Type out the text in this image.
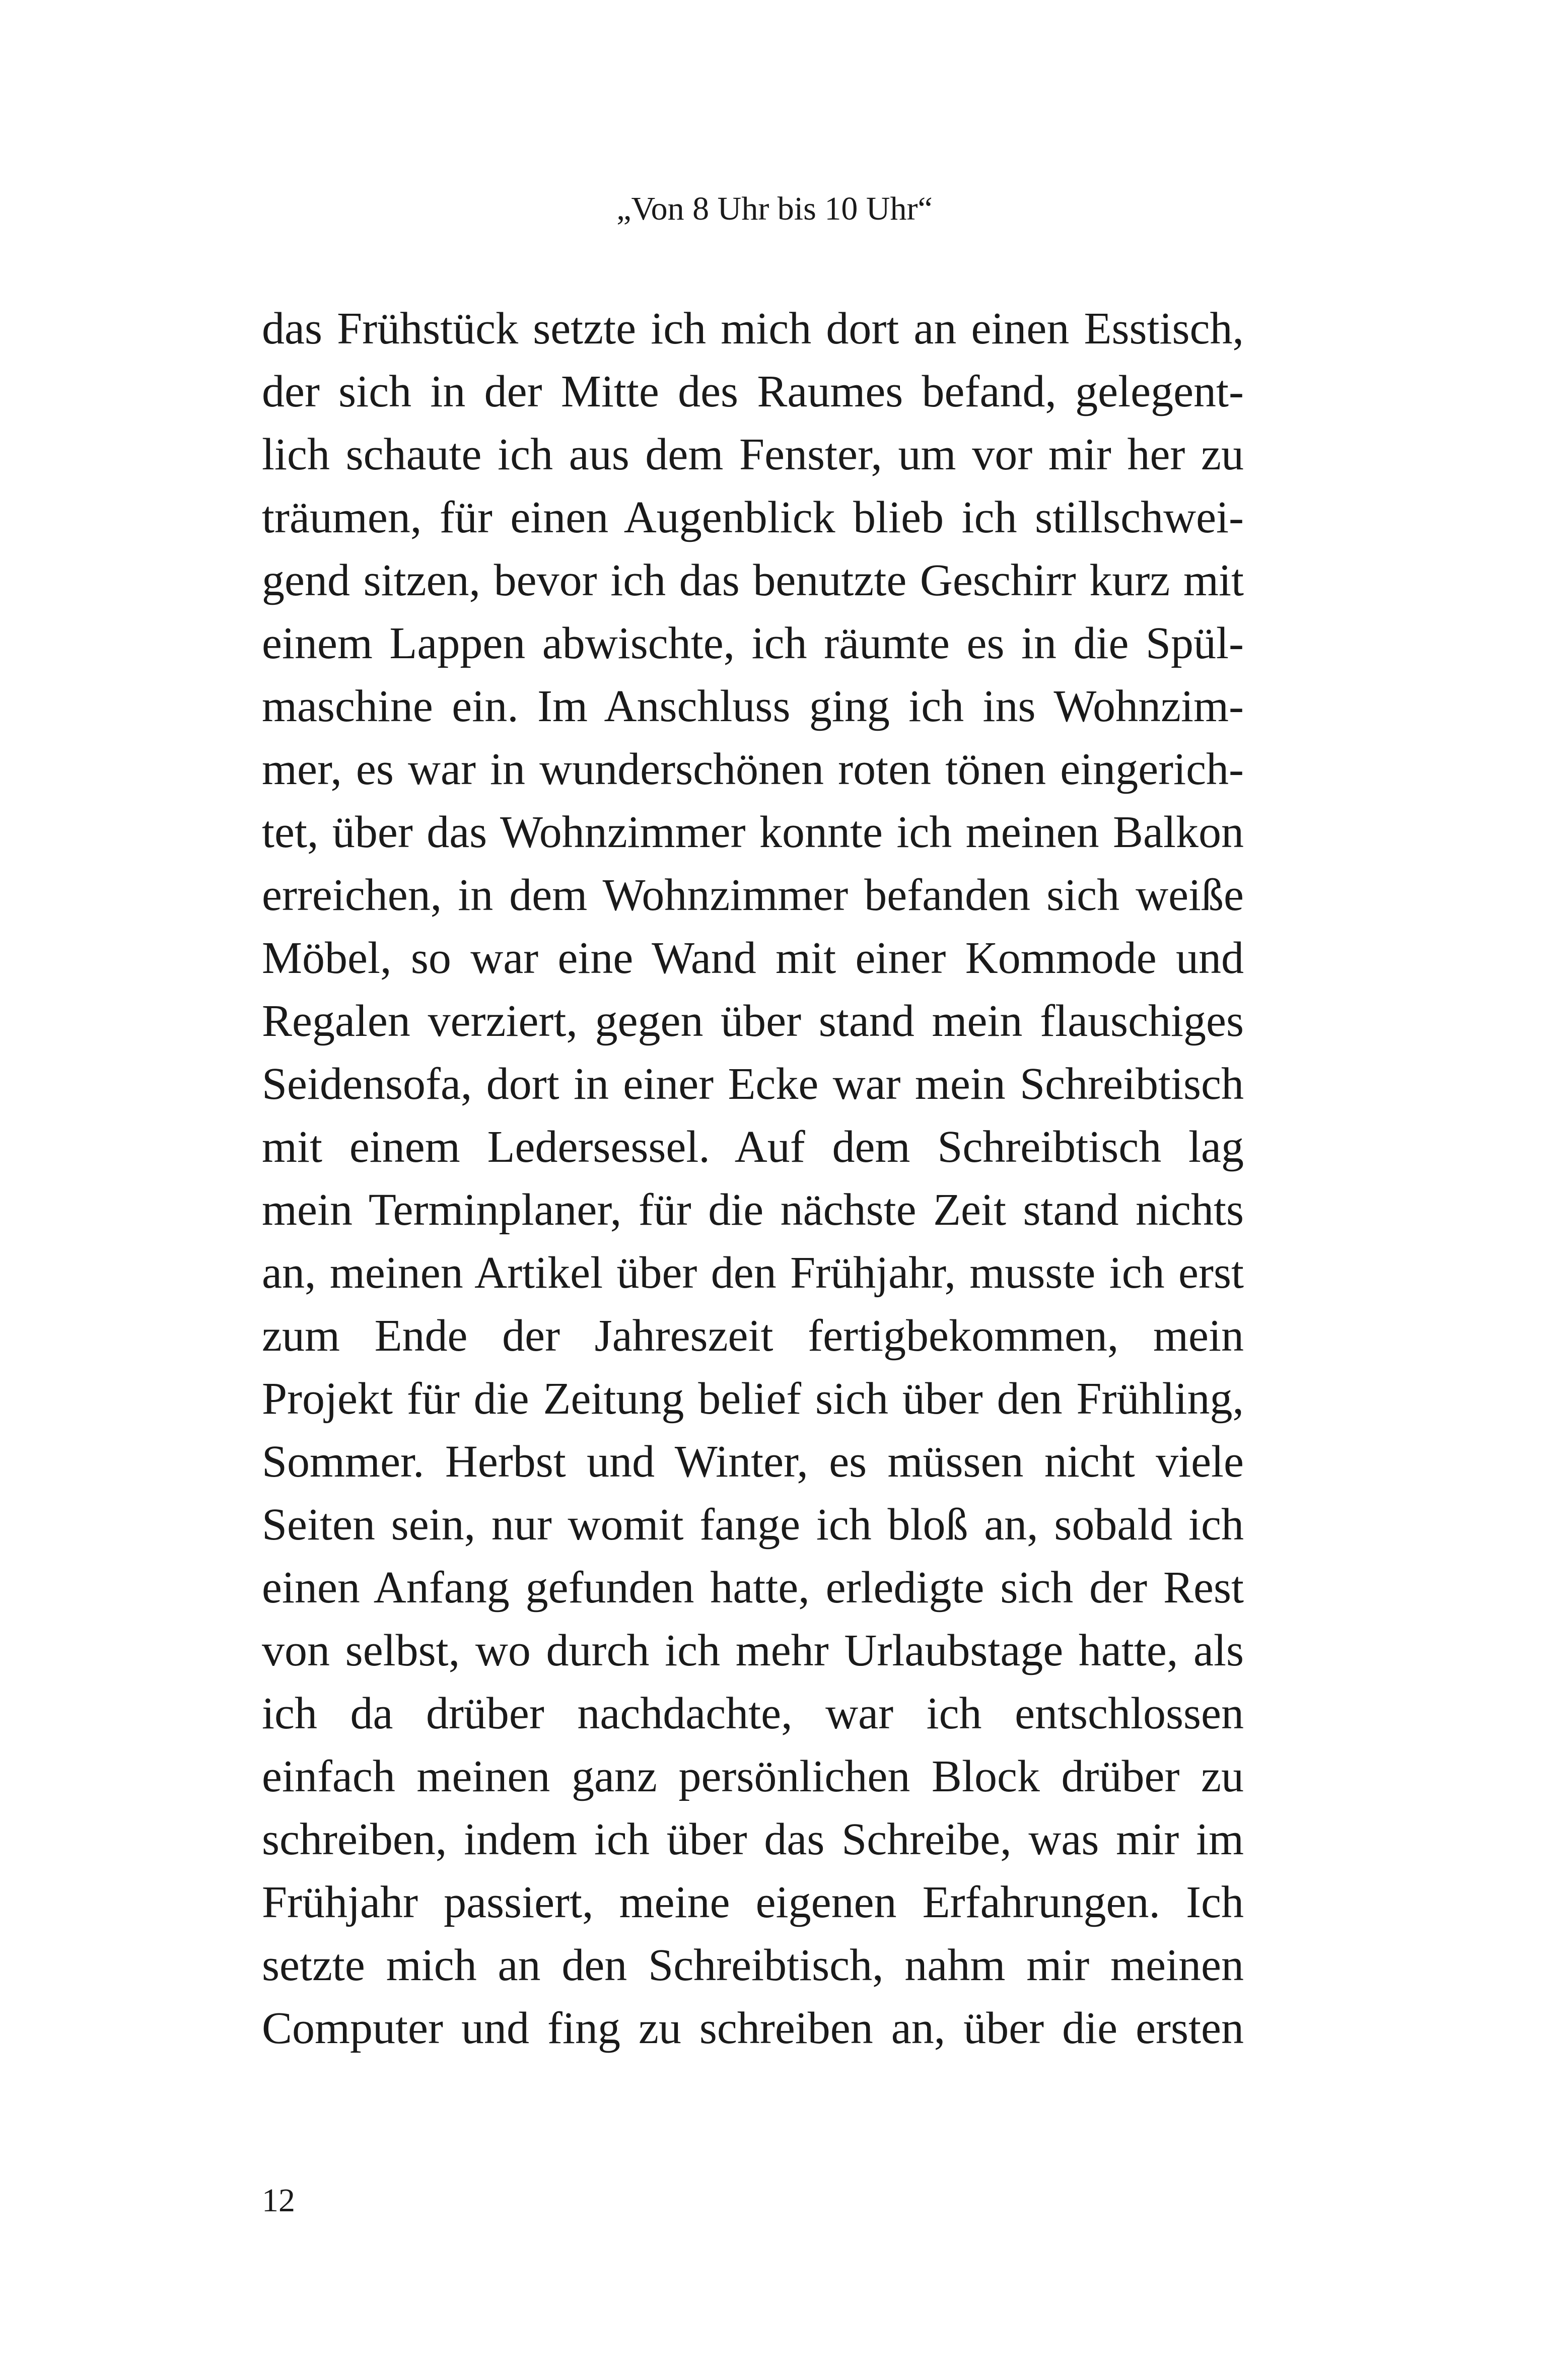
„Von 8 Uhr bis 10 Uhr“
das Frühstück setzte ich mich dort an einen Esstisch,
der sich in der Mitte des Raumes befand, gelegent-
lich schaute ich aus dem Fenster, um vor mir her zu
träumen, für einen Augenblick blieb ich stillschwei-
gend sitzen, bevor ich das benutzte Geschirr kurz mit
einem Lappen abwischte, ich räumte es in die Spül-
maschine ein. Im Anschluss ging ich ins Wohnzim-
mer, es war in wunderschönen roten tönen eingerich-
tet, über das Wohnzimmer konnte ich meinen Balkon
erreichen, in dem Wohnzimmer befanden sich weiße
Möbel, so war eine Wand mit einer Kommode und
Regalen verziert, gegen über stand mein flauschiges
Seidensofa, dort in einer Ecke war mein Schreibtisch
mit einem Ledersessel. Auf dem Schreibtisch lag
mein Terminplaner, für die nächste Zeit stand nichts
an, meinen Artikel über den Frühjahr, musste ich erst
zum Ende der Jahreszeit fertigbekommen, mein
Projekt für die Zeitung belief sich über den Frühling,
Sommer. Herbst und Winter, es müssen nicht viele
Seiten sein, nur womit fange ich bloß an, sobald ich
einen Anfang gefunden hatte, erledigte sich der Rest
von selbst, wo durch ich mehr Urlaubstage hatte, als
ich da drüber nachdachte, war ich entschlossen
einfach meinen ganz persönlichen Block drüber zu
schreiben, indem ich über das Schreibe, was mir im
Frühjahr passiert, meine eigenen Erfahrungen. Ich
setzte mich an den Schreibtisch, nahm mir meinen
Computer und fing zu schreiben an, über die ersten
12
